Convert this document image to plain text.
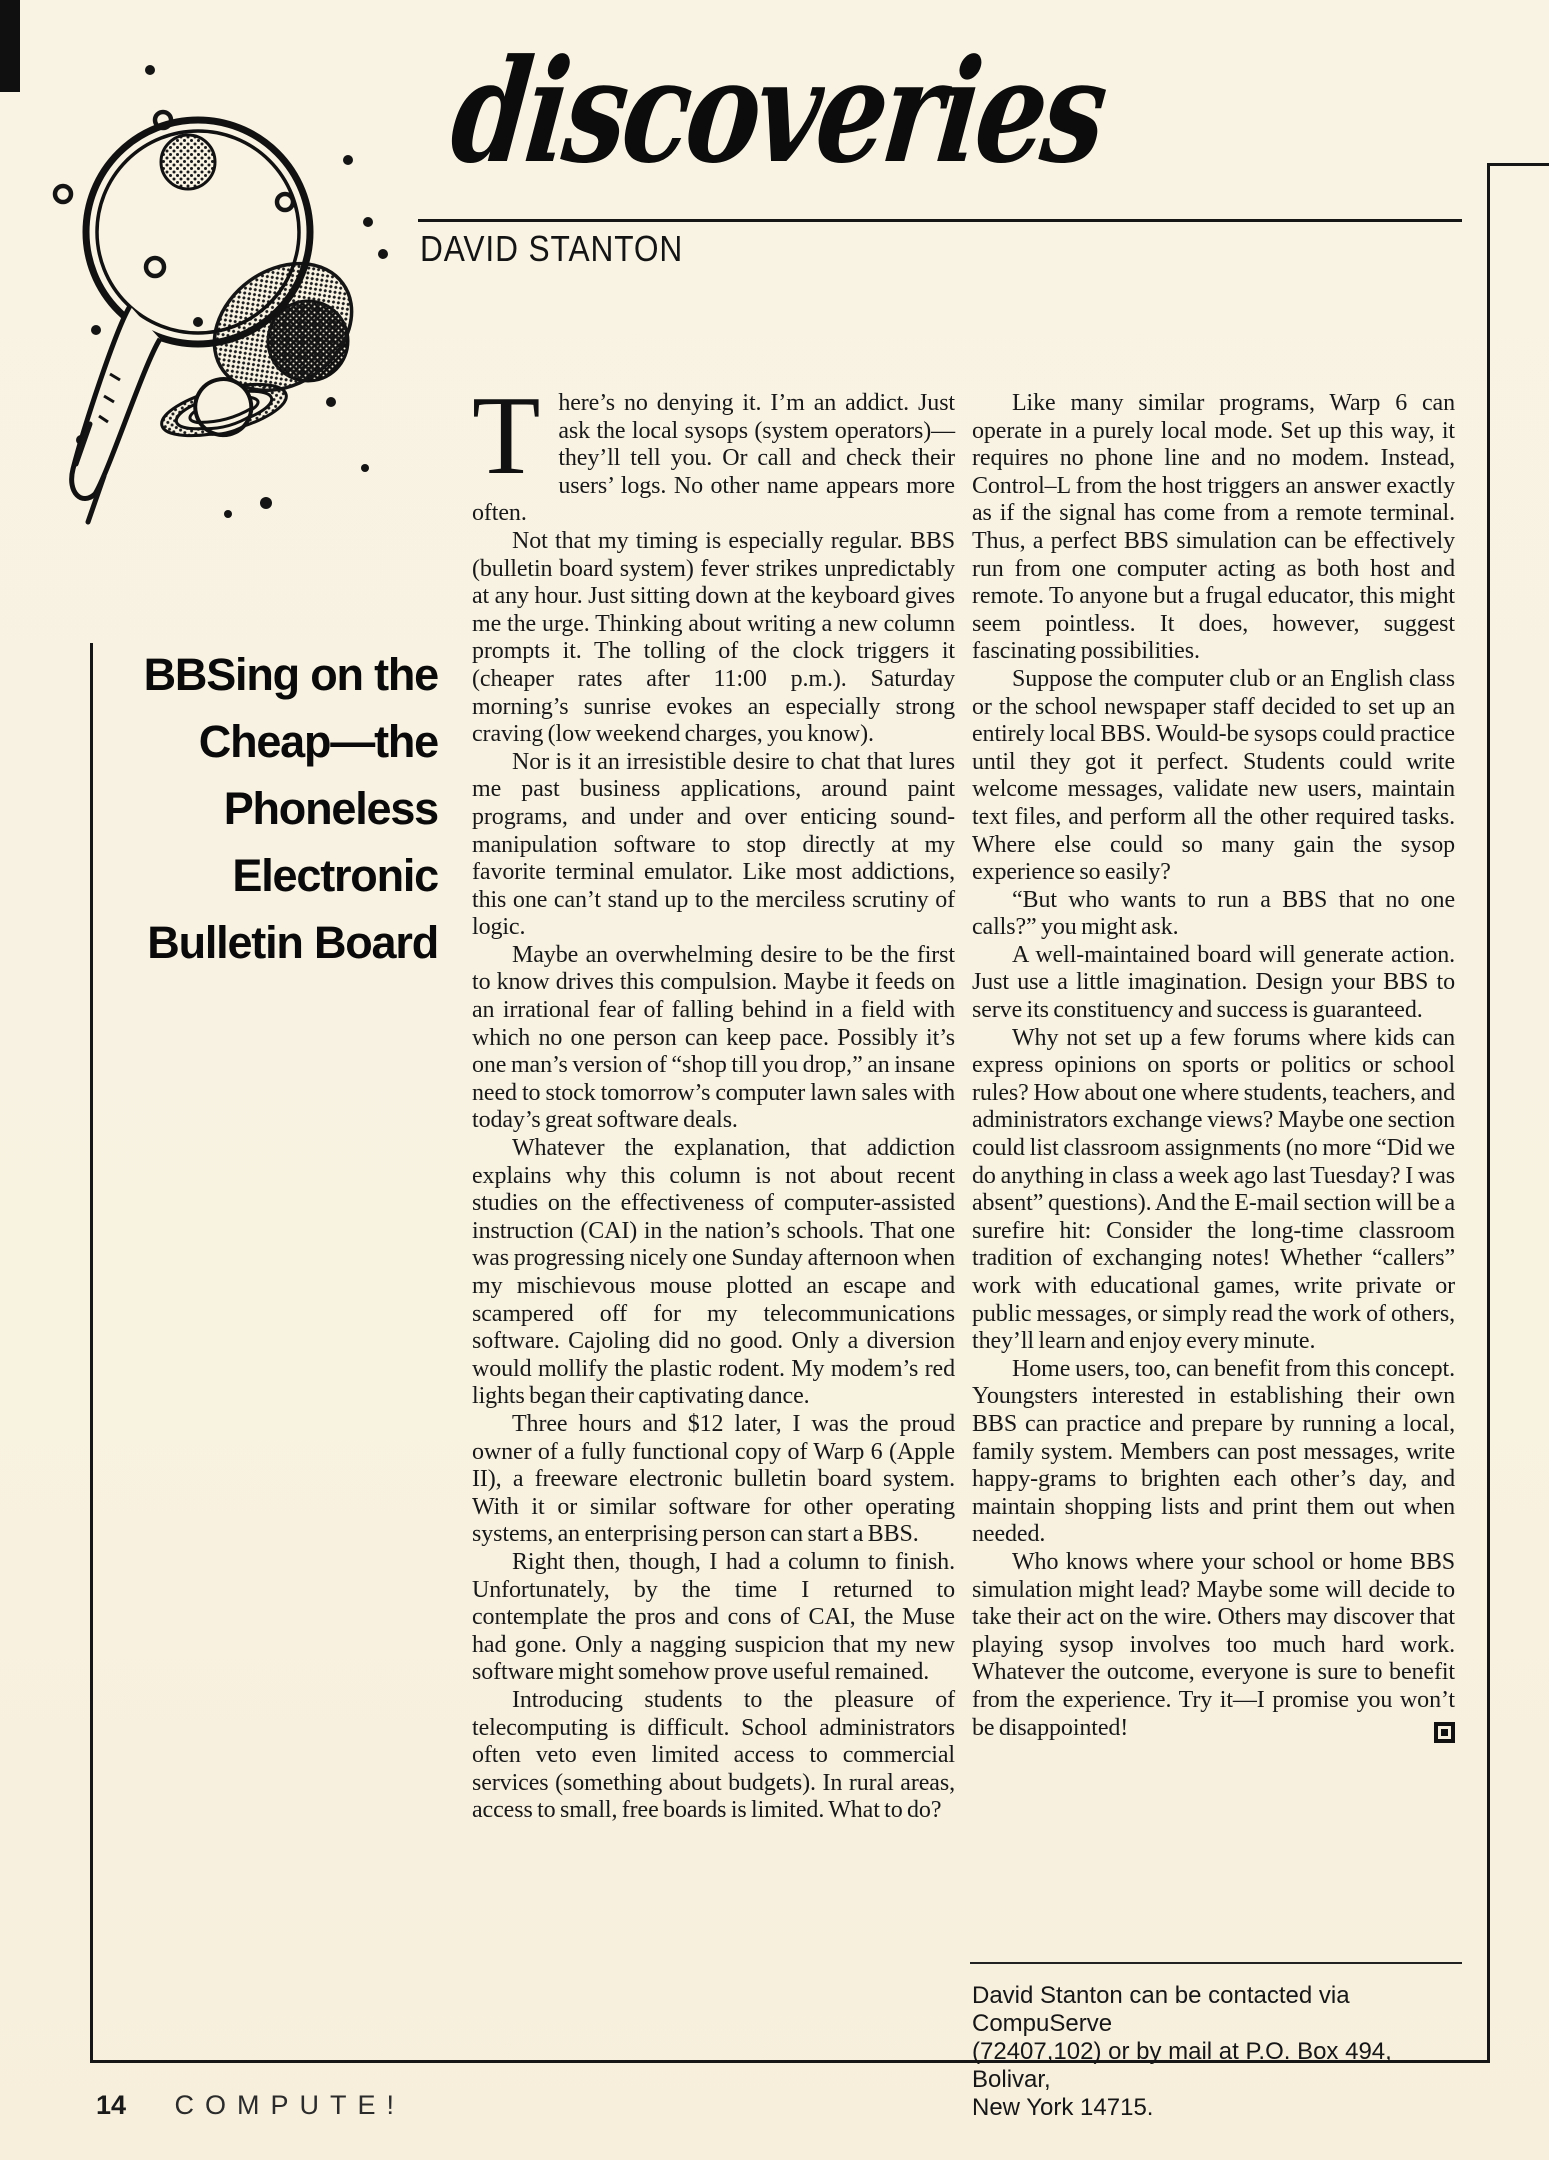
discoveries
DAVID STANTON
BBSing on the
Cheap—the
Phoneless
Electronic
Bulletin Board

There’s no denying it. I’m an addict. Just ask the local sysops (system operators)—they’ll tell you. Or call and check their users’ logs. No other name appears more often.

Not that my timing is especially regular. BBS (bulletin board system) fever strikes unpredictably at any hour. Just sitting down at the keyboard gives me the urge. Thinking about writing a new column prompts it. The tolling of the clock triggers it (cheaper rates after 11:00 p.m.). Saturday morning’s sunrise evokes an especially strong craving (low weekend charges, you know).

Nor is it an irresistible desire to chat that lures me past business applications, around paint programs, and under and over enticing sound-manipulation software to stop directly at my favorite terminal emulator. Like most addictions, this one can’t stand up to the merciless scrutiny of logic.

Maybe an overwhelming desire to be the first to know drives this compulsion. Maybe it feeds on an irrational fear of falling behind in a field with which no one person can keep pace. Possibly it’s one man’s version of “shop till you drop,” an insane need to stock tomorrow’s computer lawn sales with today’s great software deals.

Whatever the explanation, that addiction explains why this column is not about recent studies on the effectiveness of computer-assisted instruction (CAI) in the nation’s schools. That one was progressing nicely one Sunday afternoon when my mischievous mouse plotted an escape and scampered off for my telecommunications software. Cajoling did no good. Only a diversion would mollify the plastic rodent. My modem’s red lights began their captivating dance.

Three hours and $12 later, I was the proud owner of a fully functional copy of Warp 6 (Apple II), a freeware electronic bulletin board system. With it or similar software for other operating systems, an enterprising person can start a BBS.

Right then, though, I had a column to finish. Unfortunately, by the time I returned to contemplate the pros and cons of CAI, the Muse had gone. Only a nagging suspicion that my new software might somehow prove useful remained.

Introducing students to the pleasure of telecomputing is difficult. School administrators often veto even limited access to commercial services (something about budgets). In rural areas, access to small, free boards is limited. What to do?

Like many similar programs, Warp 6 can operate in a purely local mode. Set up this way, it requires no phone line and no modem. Instead, Control–L from the host triggers an answer exactly as if the signal has come from a remote terminal. Thus, a perfect BBS simulation can be effectively run from one computer acting as both host and remote. To anyone but a frugal educator, this might seem pointless. It does, however, suggest fascinating possibilities.

Suppose the computer club or an English class or the school newspaper staff decided to set up an entirely local BBS. Would-be sysops could practice until they got it perfect. Students could write welcome messages, validate new users, maintain text files, and perform all the other required tasks. Where else could so many gain the sysop experience so easily?

“But who wants to run a BBS that no one calls?” you might ask.

A well-maintained board will generate action. Just use a little imagination. Design your BBS to serve its constituency and success is guaranteed.

Why not set up a few forums where kids can express opinions on sports or politics or school rules? How about one where students, teachers, and administrators exchange views? Maybe one section could list classroom assignments (no more “Did we do anything in class a week ago last Tuesday? I was absent” questions). And the E-mail section will be a surefire hit: Consider the long-time classroom tradition of exchanging notes! Whether “callers” work with educational games, write private or public messages, or simply read the work of others, they’ll learn and enjoy every minute.

Home users, too, can benefit from this concept. Youngsters interested in establishing their own BBS can practice and prepare by running a local, family system. Members can post messages, write happy-grams to brighten each other’s day, and maintain shopping lists and print them out when needed.

Who knows where your school or home BBS simulation might lead? Maybe some will decide to take their act on the wire. Others may discover that playing sysop involves too much hard work. Whatever the outcome, everyone is sure to benefit from the experience. Try it—I promise you won’t be disappointed!

David Stanton can be contacted via CompuServe
(72407,102) or by mail at P.O. Box 494, Bolivar,
New York 14715.
14 COMPUTE!
